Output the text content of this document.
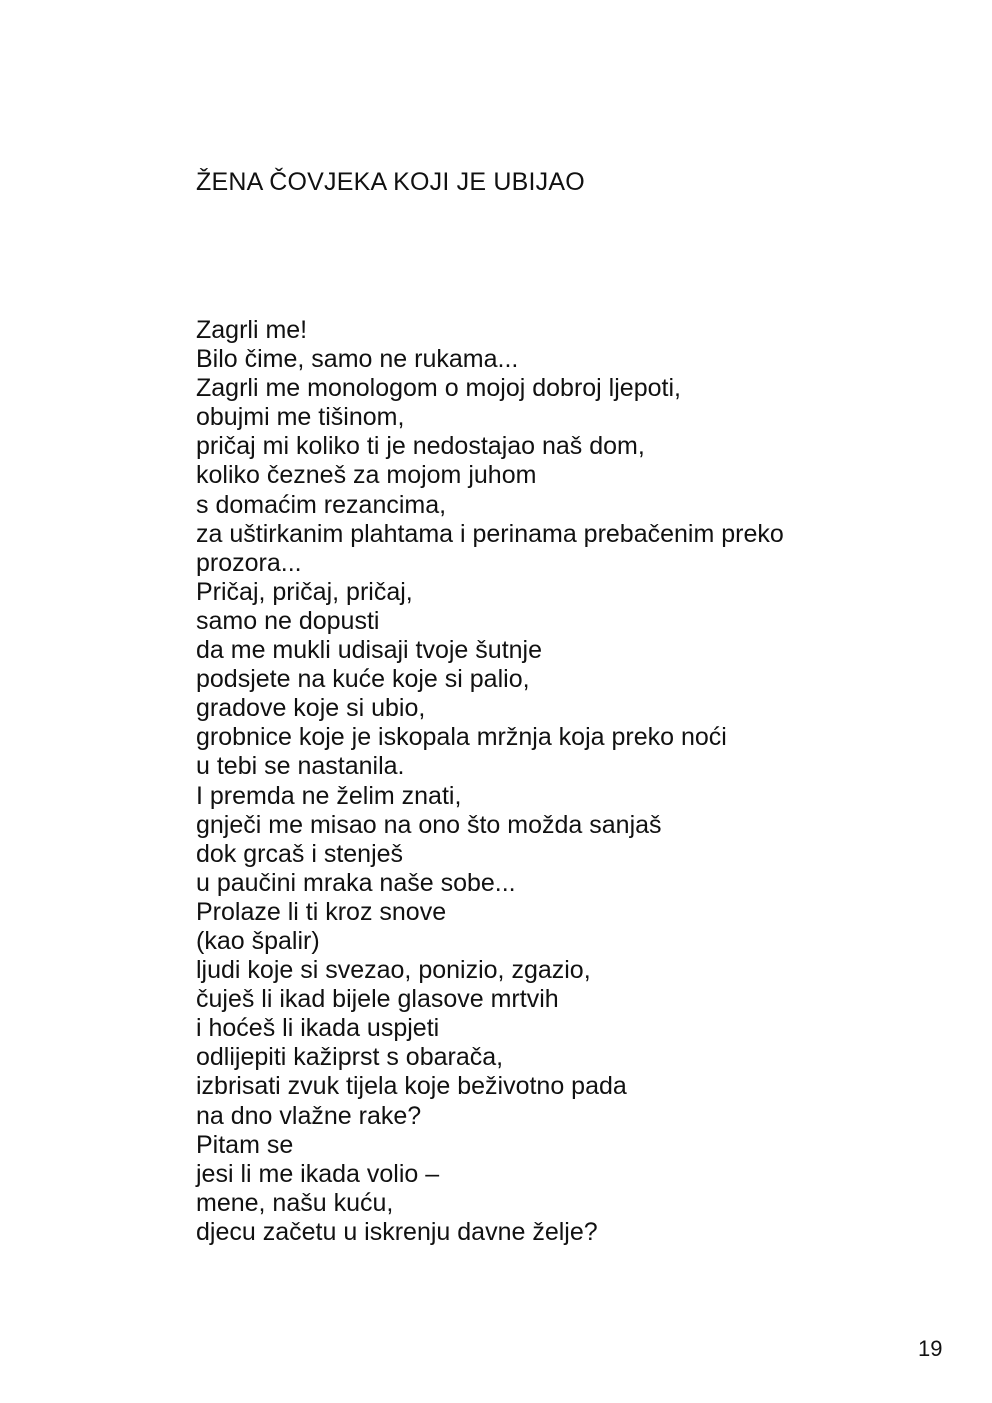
ŽENA ČOVJEKA KOJI JE UBIJAO
Zagrli me!
Bilo čime, samo ne rukama...
Zagrli me monologom o mojoj dobroj ljepoti,
obujmi me tišinom,
pričaj mi koliko ti je nedostajao naš dom,
koliko čezneš za mojom juhom
s domaćim rezancima,
za uštirkanim plahtama i perinama prebačenim preko
prozora...
Pričaj, pričaj, pričaj,
samo ne dopusti
da me mukli udisaji tvoje šutnje
podsjete na kuće koje si palio,
gradove koje si ubio,
grobnice koje je iskopala mržnja koja preko noći
u tebi se nastanila.
I premda ne želim znati,
gnječi me misao na ono što možda sanjaš
dok grcaš i stenješ
u paučini mraka naše sobe...
Prolaze li ti kroz snove
(kao špalir)
ljudi koje si svezao, ponizio, zgazio,
čuješ li ikad bijele glasove mrtvih
i hoćeš li ikada uspjeti
odlijepiti kažiprst s obarača,
izbrisati zvuk tijela koje beživotno pada
na dno vlažne rake?
Pitam se
jesi li me ikada volio –
mene, našu kuću,
djecu začetu u iskrenju davne želje?
19
